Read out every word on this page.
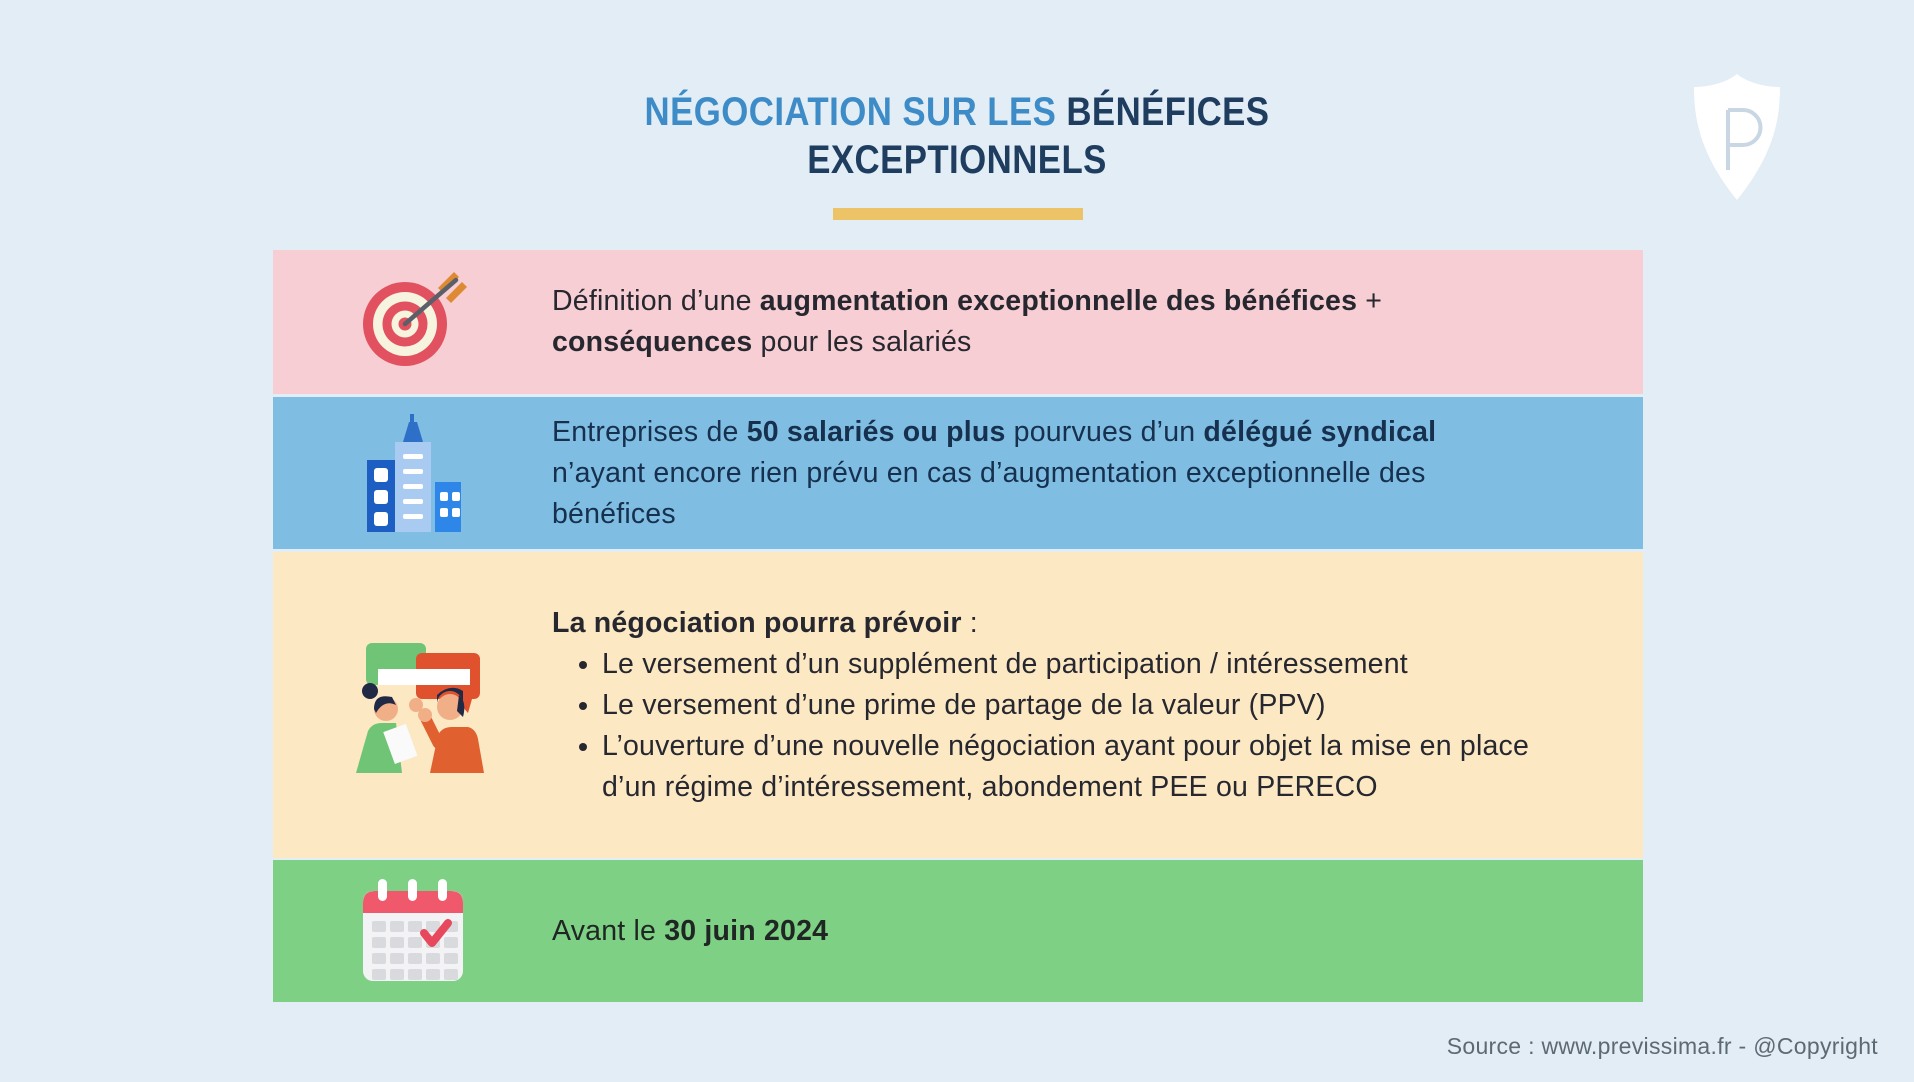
NÉGOCIATION SUR LES BÉNÉFICES
EXCEPTIONNELS
Définition d’une augmentation exceptionnelle des bénéfices + conséquences pour les salariés
Entreprises de 50 salariés ou plus pourvues d’un délégué syndical n’ayant encore rien prévu en cas d’augmentation exceptionnelle des bénéfices
La négociation pourra prévoir :
• Le versement d’un supplément de participation / intéressement
• Le versement d’une prime de partage de la valeur (PPV)
• L’ouverture d’une nouvelle négociation ayant pour objet la mise en place d’un régime d’intéressement, abondement PEE ou PERECO
Avant le 30 juin 2024
Source : www.previssima.fr - @Copyright
